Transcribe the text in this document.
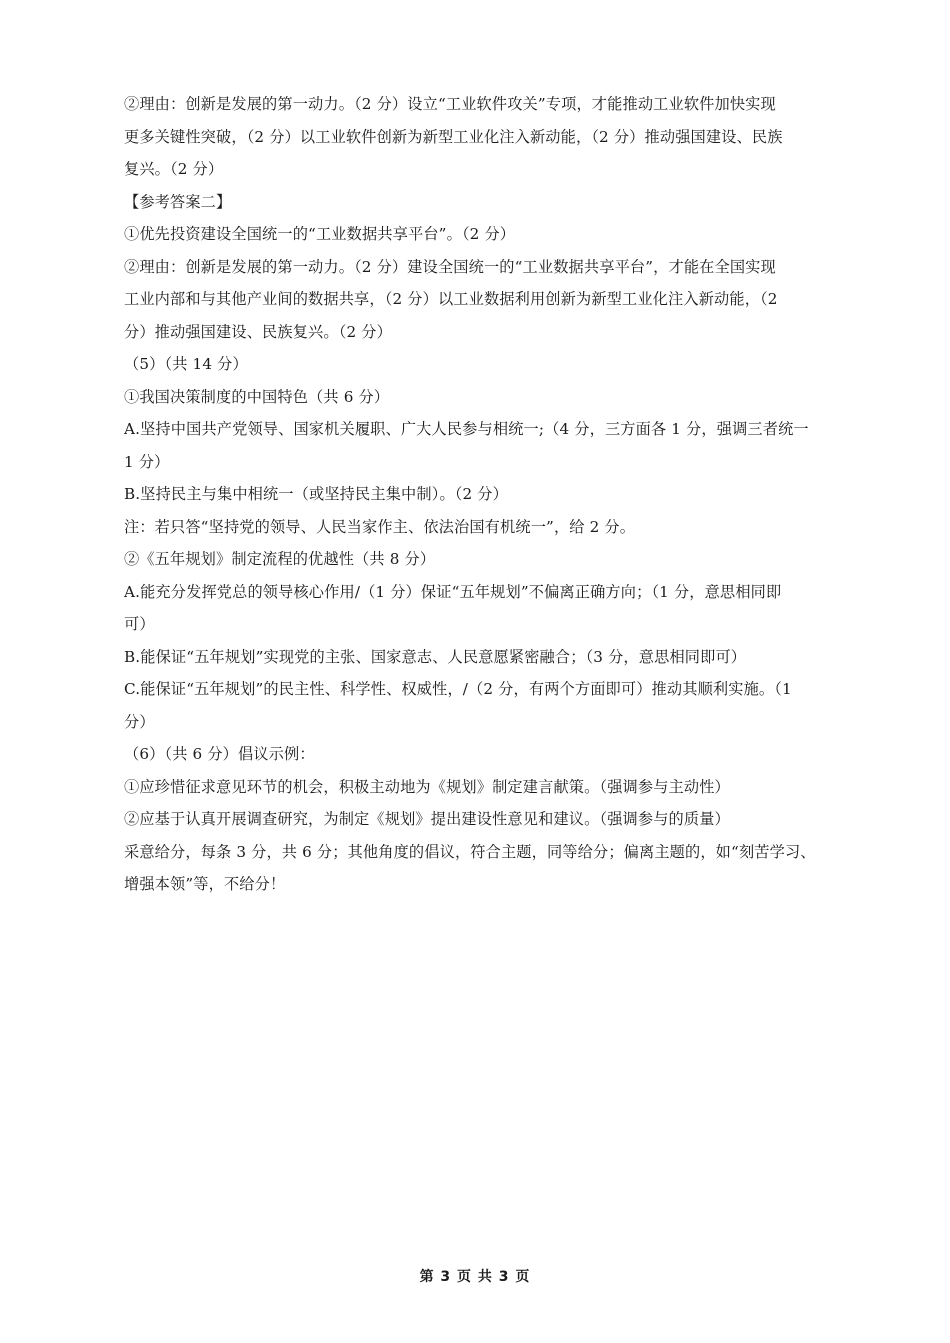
②理由：创新是发展的第一动力。（2 分）设立“工业软件攻关”专项，才能推动工业软件加快实现
更多关键性突破，（2 分）以工业软件创新为新型工业化注入新动能，（2 分）推动强国建设、民族
复兴。（2 分）
【参考答案二】
①优先投资建设全国统一的“工业数据共享平台”。（2 分）
②理由：创新是发展的第一动力。（2 分）建设全国统一的“工业数据共享平台”，才能在全国实现
工业内部和与其他产业间的数据共享，（2 分）以工业数据利用创新为新型工业化注入新动能，（2
分）推动强国建设、民族复兴。（2 分）
（5）（共 14 分）
①我国决策制度的中国特色（共 6 分）
A.坚持中国共产党领导、国家机关履职、广大人民参与相统一;（4 分，三方面各 1 分，强调三者统一
1 分）
B.坚持民主与集中相统一（或坚持民主集中制）。（2 分）
注：若只答“坚持党的领导、人民当家作主、依法治国有机统一”，给 2 分。
②《五年规划》制定流程的优越性（共 8 分）
A.能充分发挥党总的领导核心作用/（1 分）保证“五年规划”不偏离正确方向；（1 分，意思相同即
可）
B.能保证“五年规划”实现党的主张、国家意志、人民意愿紧密融合；（3 分，意思相同即可）
C.能保证“五年规划”的民主性、科学性、权威性，/（2 分，有两个方面即可）推动其顺利实施。（1
分）
（6）（共 6 分）倡议示例：
①应珍惜征求意见环节的机会，积极主动地为《规划》制定建言献策。（强调参与主动性）
②应基于认真开展调查研究，为制定《规划》提出建设性意见和建议。（强调参与的质量）
采意给分，每条 3 分，共 6 分；其他角度的倡议，符合主题，同等给分；偏离主题的，如“刻苦学习、
增强本领”等，不给分！
第 3 页 共 3 页
